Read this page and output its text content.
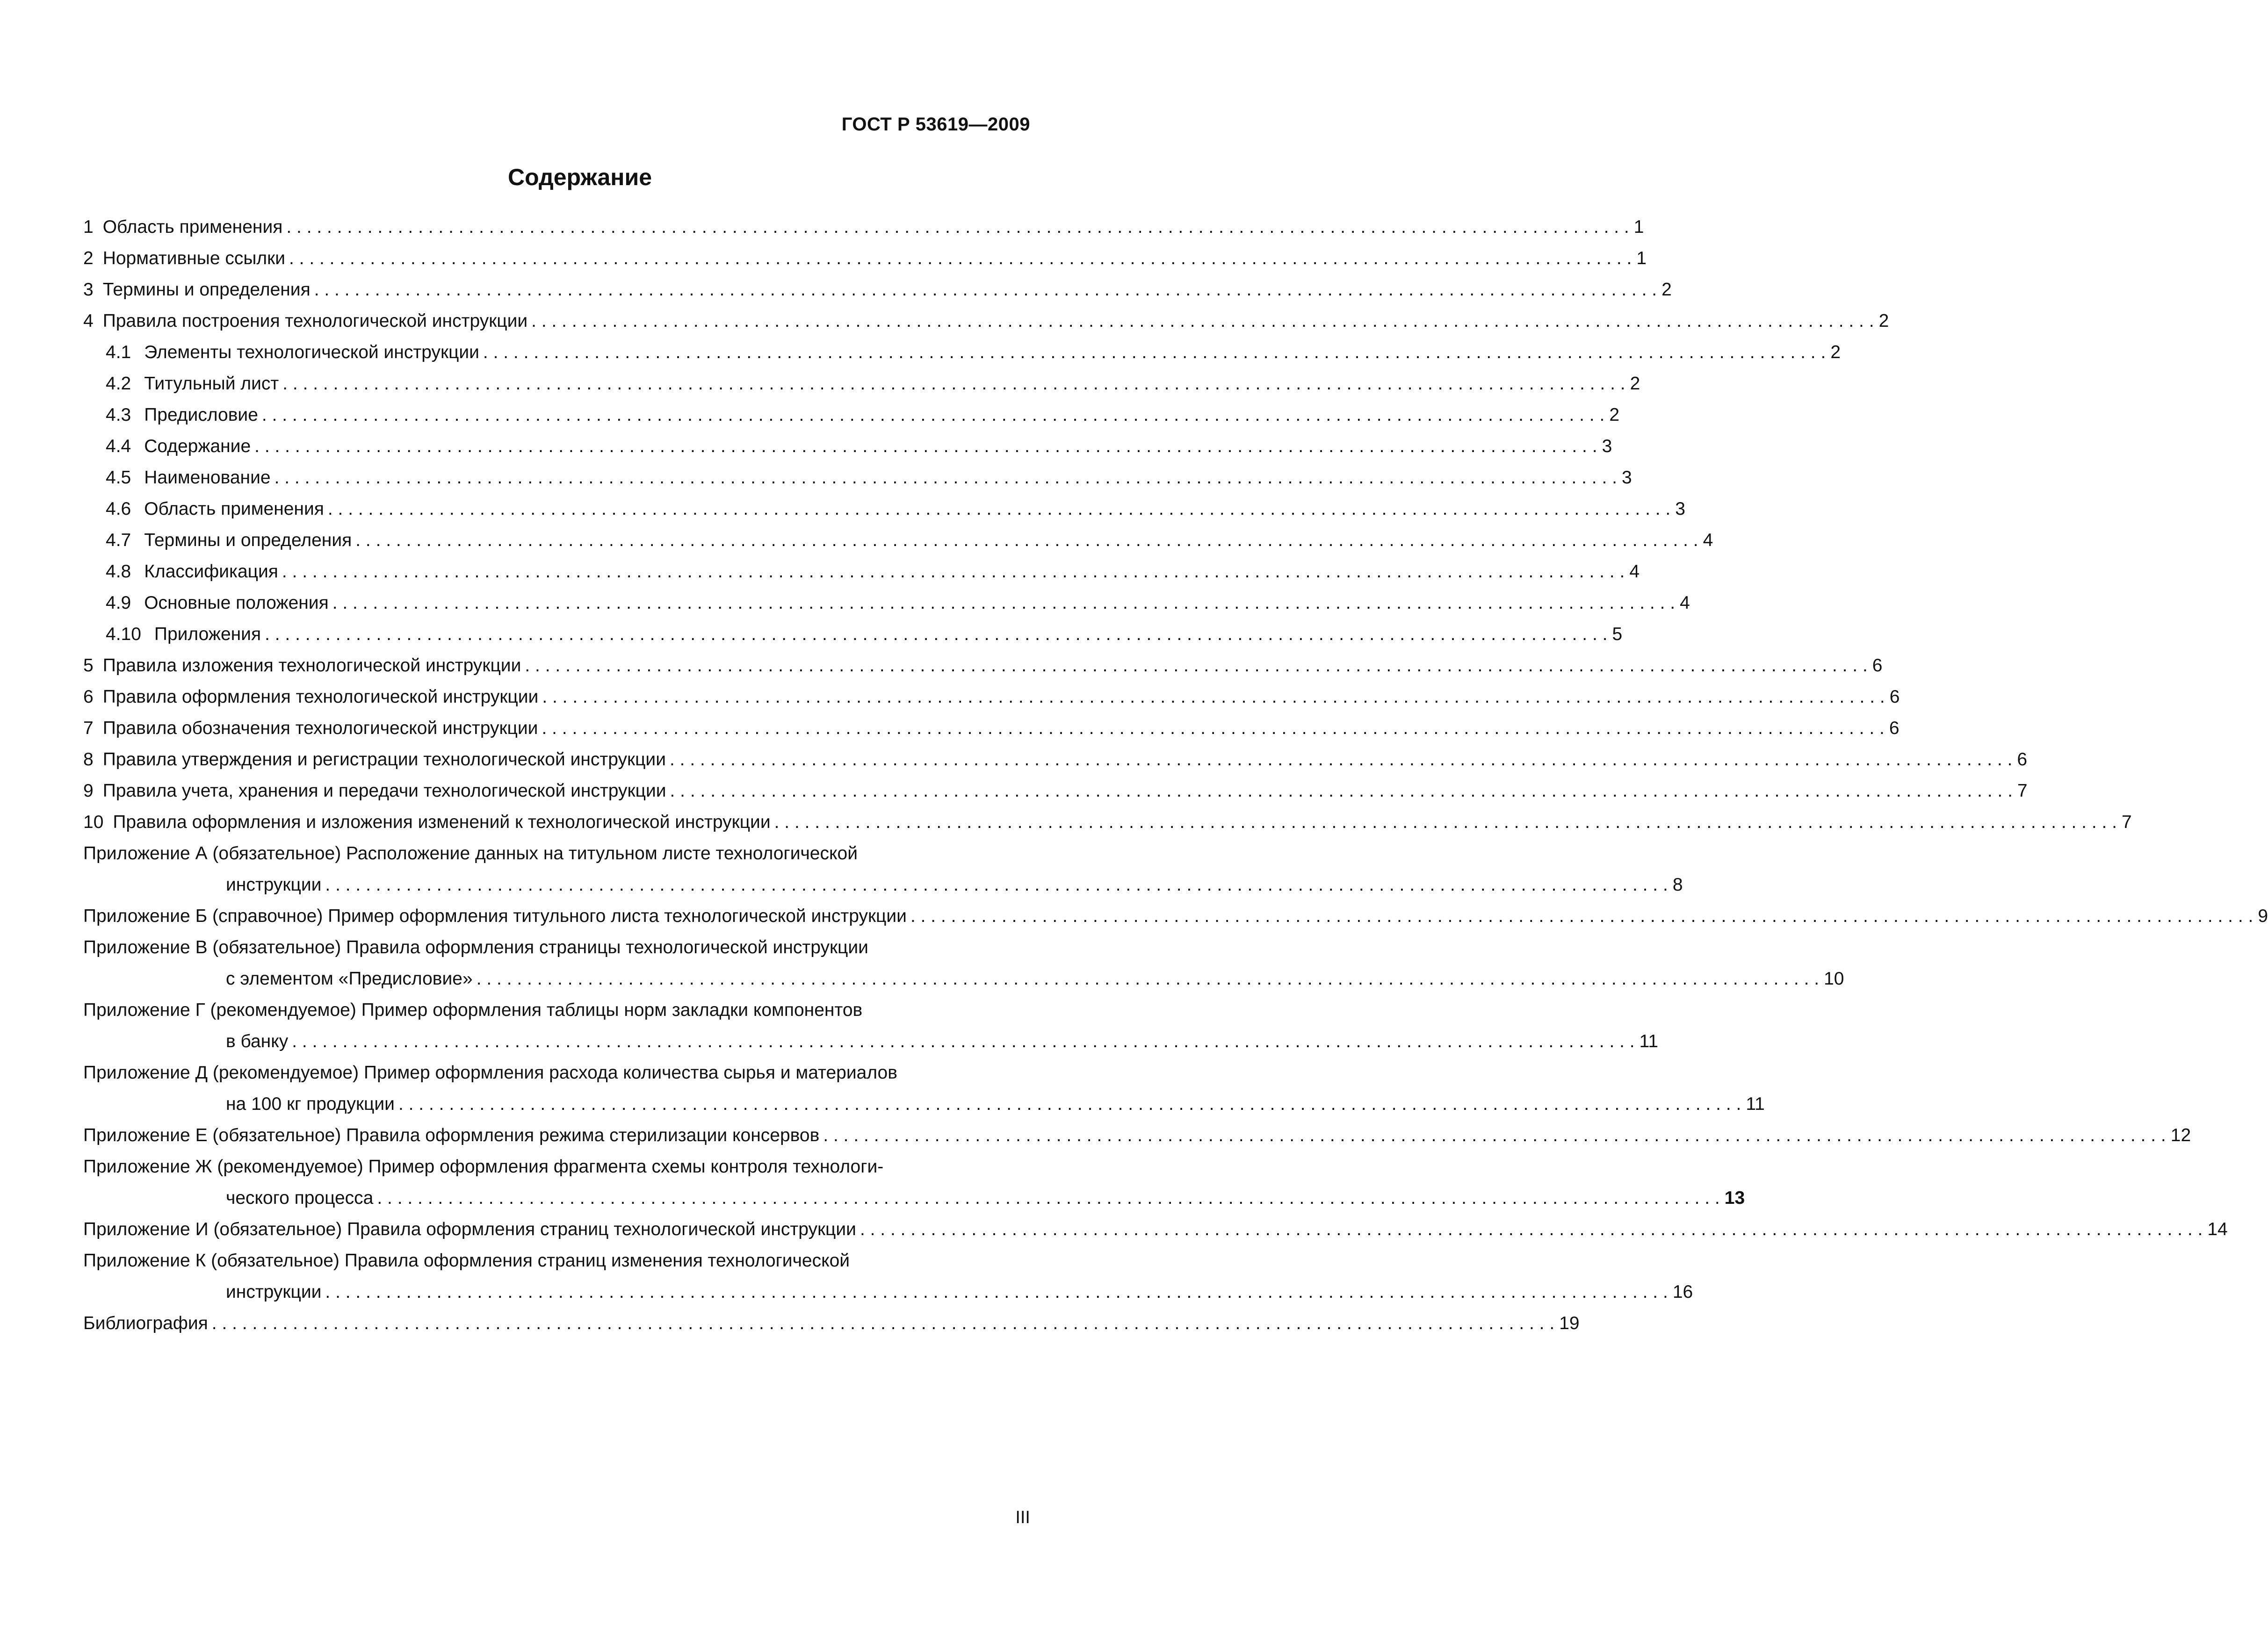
ГОСТ Р 53619—2009
Содержание
1 Область применения . . .	1
2 Нормативные ссылки . . .	1
3 Термины и определения . . .	2
4 Правила построения технологической инструкции . . .	2
4.1 Элементы технологической инструкции . . .	2
4.2 Титульный лист . . .	2
4.3 Предисловие . . .	2
4.4 Содержание . . .	3
4.5 Наименование . . .	3
4.6 Область применения . . .	3
4.7 Термины и определения . . .	4
4.8 Классификация . . .	4
4.9 Основные положения . . .	4
4.10 Приложения . . .	5
5 Правила изложения технологической инструкции . . .	6
6 Правила оформления технологической инструкции . . .	6
7 Правила обозначения технологической инструкции . . .	6
8 Правила утверждения и регистрации технологической инструкции . . .	6
9 Правила учета, хранения и передачи технологической инструкции . . .	7
10 Правила оформления и изложения изменений к технологической инструкции . . .	7
Приложение А (обязательное) Расположение данных на титульном листе технологической
инструкции . . .	8
Приложение Б (справочное) Пример оформления титульного листа технологической инструкции . . .	9
Приложение В (обязательное) Правила оформления страницы технологической инструкции
с элементом «Предисловие» . . .	10
Приложение Г (рекомендуемое) Пример оформления таблицы норм закладки компонентов
в банку . . .	11
Приложение Д (рекомендуемое) Пример оформления расхода количества сырья и материалов
на 100 кг продукции . . .	11
Приложение Е (обязательное) Правила оформления режима стерилизации консервов . . .	12
Приложение Ж (рекомендуемое) Пример оформления фрагмента схемы контроля технологи-
ческого процесса . . .	13
Приложение И (обязательное) Правила оформления страниц технологической инструкции . . .	14
Приложение К (обязательное) Правила оформления страниц изменения технологической
инструкции . . .	16
Библиография . . .	19
III
